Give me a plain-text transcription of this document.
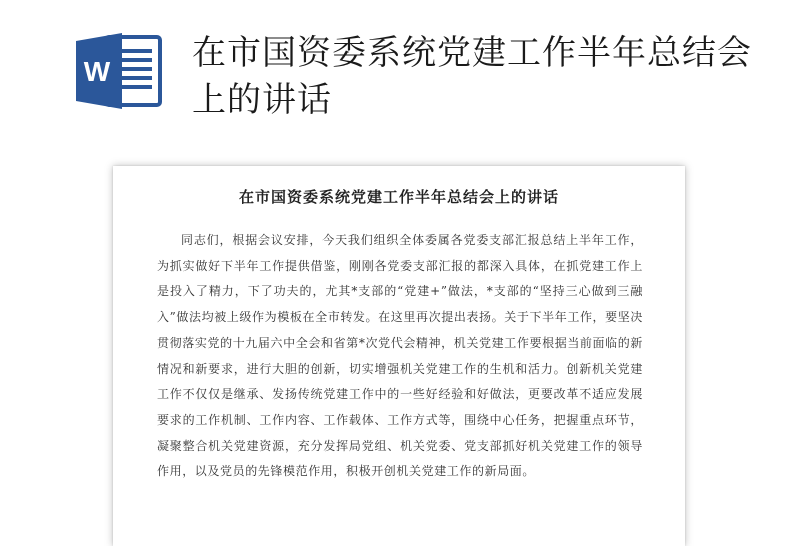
W 在市国资委系统党建工作半年总结会上的讲话
在市国资委系统党建工作半年总结会上的讲话

同志们，根据会议安排，今天我们组织全体委属各党委支部汇报总结上半年工作，为抓实做好下半年工作提供借鉴，刚刚各党委支部汇报的都深入具体，在抓党建工作上是投入了精力，下了功夫的，尤其*支部的“党建+”做法，*支部的“坚持三心做到三融入”做法均被上级作为模板在全市转发。在这里再次提出表扬。关于下半年工作，要坚决贯彻落实党的十九届六中全会和省第*次党代会精神，机关党建工作要根据当前面临的新情况和新要求，进行大胆的创新，切实增强机关党建工作的生机和活力。创新机关党建工作不仅仅是继承、发扬传统党建工作中的一些好经验和好做法，更要改革不适应发展要求的工作机制、工作内容、工作载体、工作方式等，围绕中心任务，把握重点环节，凝聚整合机关党建资源，充分发挥局党组、机关党委、党支部抓好机关党建工作的领导作用，以及党员的先锋模范作用，积极开创机关党建工作的新局面。
